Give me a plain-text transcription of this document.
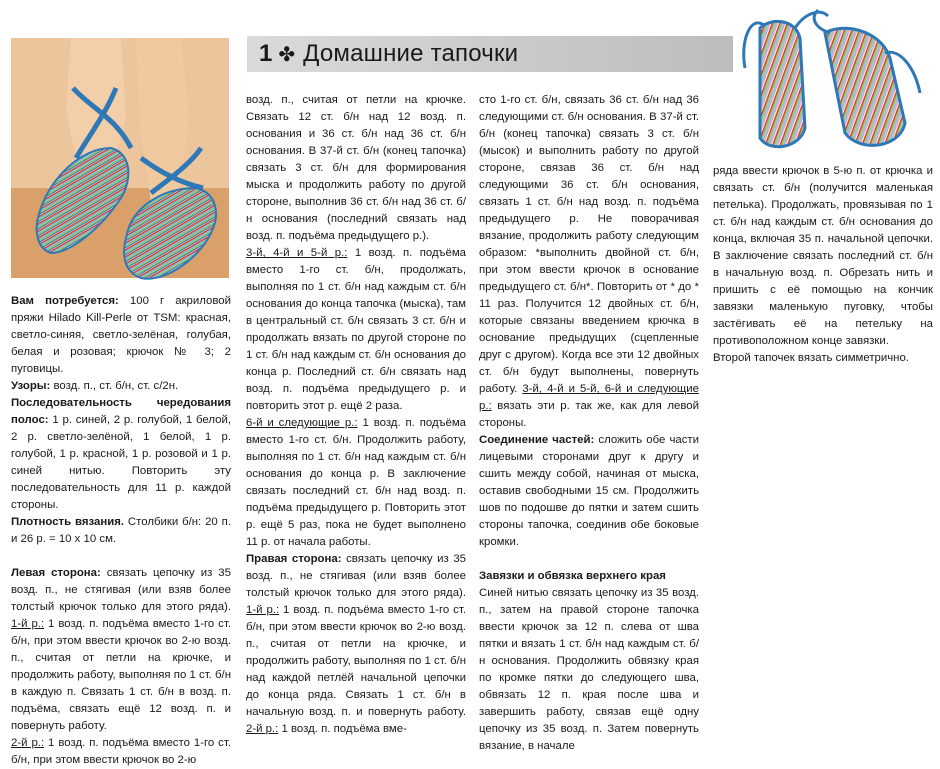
1 ✤ Домашние тапочки

Вам потребуется: 100 г акриловой пряжи Hilado Kill-Perle от TSM: красная, светло-синяя, светло-зелёная, голубая, белая и розовая; крючок № 3; 2 пуговицы.

Узоры: возд. п., ст. б/н, ст. с/2н.

Последовательность чередования полос: 1 р. синей, 2 р. голубой, 1 белой, 2 р. светло-зелёной, 1 белой, 1 р. голубой, 1 р. красной, 1 р. розовой и 1 р. синей нитью. Повторить эту последовательность для 11 р. каждой стороны.

Плотность вязания. Столбики б/н: 20 п. и 26 р. = 10 x 10 см.

Левая сторона: связать цепочку из 35 возд. п., не стягивая (или взяв более толстый крючок только для этого ряда). 1-й р.: 1 возд. п. подъёма вместо 1-го ст. б/н, при этом ввести крючок во 2-ю возд. п., считая от петли на крючке, и продолжить работу, выполняя по 1 ст. б/н в каждую п. Связать 1 ст. б/н в возд. п. подъёма, связать ещё 12 возд. п. и повернуть работу.

2-й р.: 1 возд. п. подъёма вместо 1-го ст. б/н, при этом ввести крючок во 2-ю

возд. п., считая от петли на крючке. Связать 12 ст. б/н над 12 возд. п. основания и 36 ст. б/н над 36 ст. б/н основания. В 37-й ст. б/н (конец тапочка) связать 3 ст. б/н для формирования мыска и продолжить работу по другой стороне, выполнив 36 ст. б/н над 36 ст. б/н основания (последний связать над возд. п. подъёма предыдущего р.).

3-й, 4-й и 5-й р.: 1 возд. п. подъёма вместо 1-го ст. б/н, продолжать, выполняя по 1 ст. б/н над каждым ст. б/н основания до конца тапочка (мыска), там в центральный ст. б/н связать 3 ст. б/н и продолжать вязать по другой стороне по 1 ст. б/н над каждым ст. б/н основания до конца р. Последний ст. б/н связать над возд. п. подъёма предыдущего р. и повторить этот р. ещё 2 раза.

6-й и следующие р.: 1 возд. п. подъёма вместо 1-го ст. б/н. Продолжить работу, выполняя по 1 ст. б/н над каждым ст. б/н основания до конца р. В заключение связать последний ст. б/н над возд. п. подъёма предыдущего р. Повторить этот р. ещё 5 раз, пока не будет выполнено 11 р. от начала работы.

Правая сторона: связать цепочку из 35 возд. п., не стягивая (или взяв более толстый крючок только для этого ряда). 1-й р.: 1 возд. п. подъёма вместо 1-го ст. б/н, при этом ввести крючок во 2-ю возд. п., считая от петли на крючке, и продолжить работу, выполняя по 1 ст. б/н над каждой петлёй начальной цепочки до конца ряда. Связать 1 ст. б/н в начальную возд. п. и повернуть работу. 2-й р.: 1 возд. п. подъёма вме-

сто 1-го ст. б/н, связать 36 ст. б/н над 36 следующими ст. б/н основания. В 37-й ст. б/н (конец тапочка) связать 3 ст. б/н (мысок) и выполнить работу по другой стороне, связав 36 ст. б/н над следующими 36 ст. б/н основания, связать 1 ст. б/н над возд. п. подъёма предыдущего р. Не поворачивая вязание, продолжить работу следующим образом: *выполнить двойной ст. б/н, при этом ввести крючок в основание предыдущего ст. б/н*. Повторить от * до * 11 раз. Получится 12 двойных ст. б/н, которые связаны введением крючка в основание предыдущих (сцепленные друг с другом). Когда все эти 12 двойных ст. б/н будут выполнены, повернуть работу. 3-й, 4-й и 5-й, 6-й и следующие р.: вязать эти р. так же, как для левой стороны.

Соединение частей: сложить обе части лицевыми сторонами друг к другу и сшить между собой, начиная от мыска, оставив свободными 15 см. Продолжить шов по подошве до пятки и затем сшить стороны тапочка, соединив обе боковые кромки.

Завязки и обвязка верхнего края

Синей нитью связать цепочку из 35 возд. п., затем на правой стороне тапочка ввести крючок за 12 п. слева от шва пятки и вязать 1 ст. б/н над каждым ст. б/н основания. Продолжить обвязку края по кромке пятки до следующего шва, обвязать 12 п. края после шва и завершить работу, связав ещё одну цепочку из 35 возд. п. Затем повернуть вязание, в начале

ряда ввести крючок в 5-ю п. от крючка и связать ст. б/н (получится маленькая петелька). Продолжать, провязывая по 1 ст. б/н над каждым ст. б/н основания до конца, включая 35 п. начальной цепочки. В заключение связать последний ст. б/н в начальную возд. п. Обрезать нить и пришить с её помощью на кончик завязки маленькую пуговку, чтобы застёгивать её на петельку на противоположном конце завязки.

Второй тапочек вязать симметрично.
